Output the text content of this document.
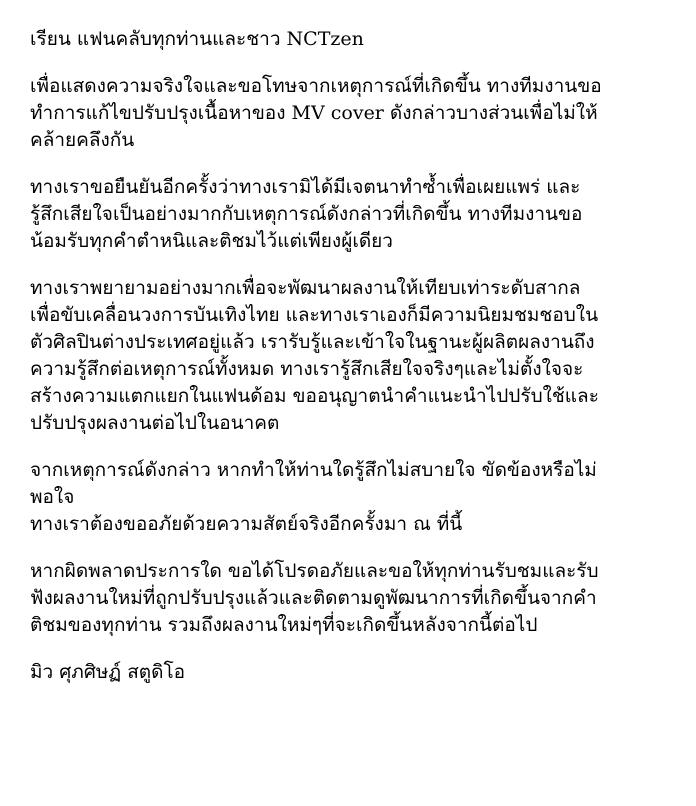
เรียน แฟนคลับทุกท่านและชาว NCTzen
เพื่อแสดงความจริงใจและขอโทษจากเหตุการณ์ที่เกิดขึ้น ทางทีมงานขอ
ทำการแก้ไขปรับปรุงเนื้อหาของ MV cover ดังกล่าวบางส่วนเพื่อไม่ให้
คล้ายคลึงกัน
ทางเราขอยืนยันอีกครั้งว่าทางเรามิได้มีเจตนาทำซ้ำเพื่อเผยแพร่ และ
รู้สึกเสียใจเป็นอย่างมากกับเหตุการณ์ดังกล่าวที่เกิดขึ้น ทางทีมงานขอ
น้อมรับทุกคำตำหนิและติชมไว้แต่เพียงผู้เดียว
ทางเราพยายามอย่างมากเพื่อจะพัฒนาผลงานให้เทียบเท่าระดับสากล
เพื่อขับเคลื่อนวงการบันเทิงไทย และทางเราเองก็มีความนิยมชมชอบใน
ตัวศิลปินต่างประเทศอยู่แล้ว เรารับรู้และเข้าใจในฐานะผู้ผลิตผลงานถึง
ความรู้สึกต่อเหตุการณ์ทั้งหมด ทางเรารู้สึกเสียใจจริงๆและไม่ตั้งใจจะ
สร้างความแตกแยกในแฟนด้อม ขออนุญาตนำคำแนะนำไปปรับใช้และ
ปรับปรุงผลงานต่อไปในอนาคต
จากเหตุการณ์ดังกล่าว หากทำให้ท่านใดรู้สึกไม่สบายใจ ขัดข้องหรือไม่
พอใจ
ทางเราต้องขออภัยด้วยความสัตย์จริงอีกครั้งมา ณ ที่นี้
หากผิดพลาดประการใด ขอได้โปรดอภัยและขอให้ทุกท่านรับชมและรับ
ฟังผลงานใหม่ที่ถูกปรับปรุงแล้วและติดตามดูพัฒนาการที่เกิดขึ้นจากคำ
ติชมของทุกท่าน รวมถึงผลงานใหม่ๆที่จะเกิดขึ้นหลังจากนี้ต่อไป
มิว ศุภศิษฏ์ สตูดิโอ
